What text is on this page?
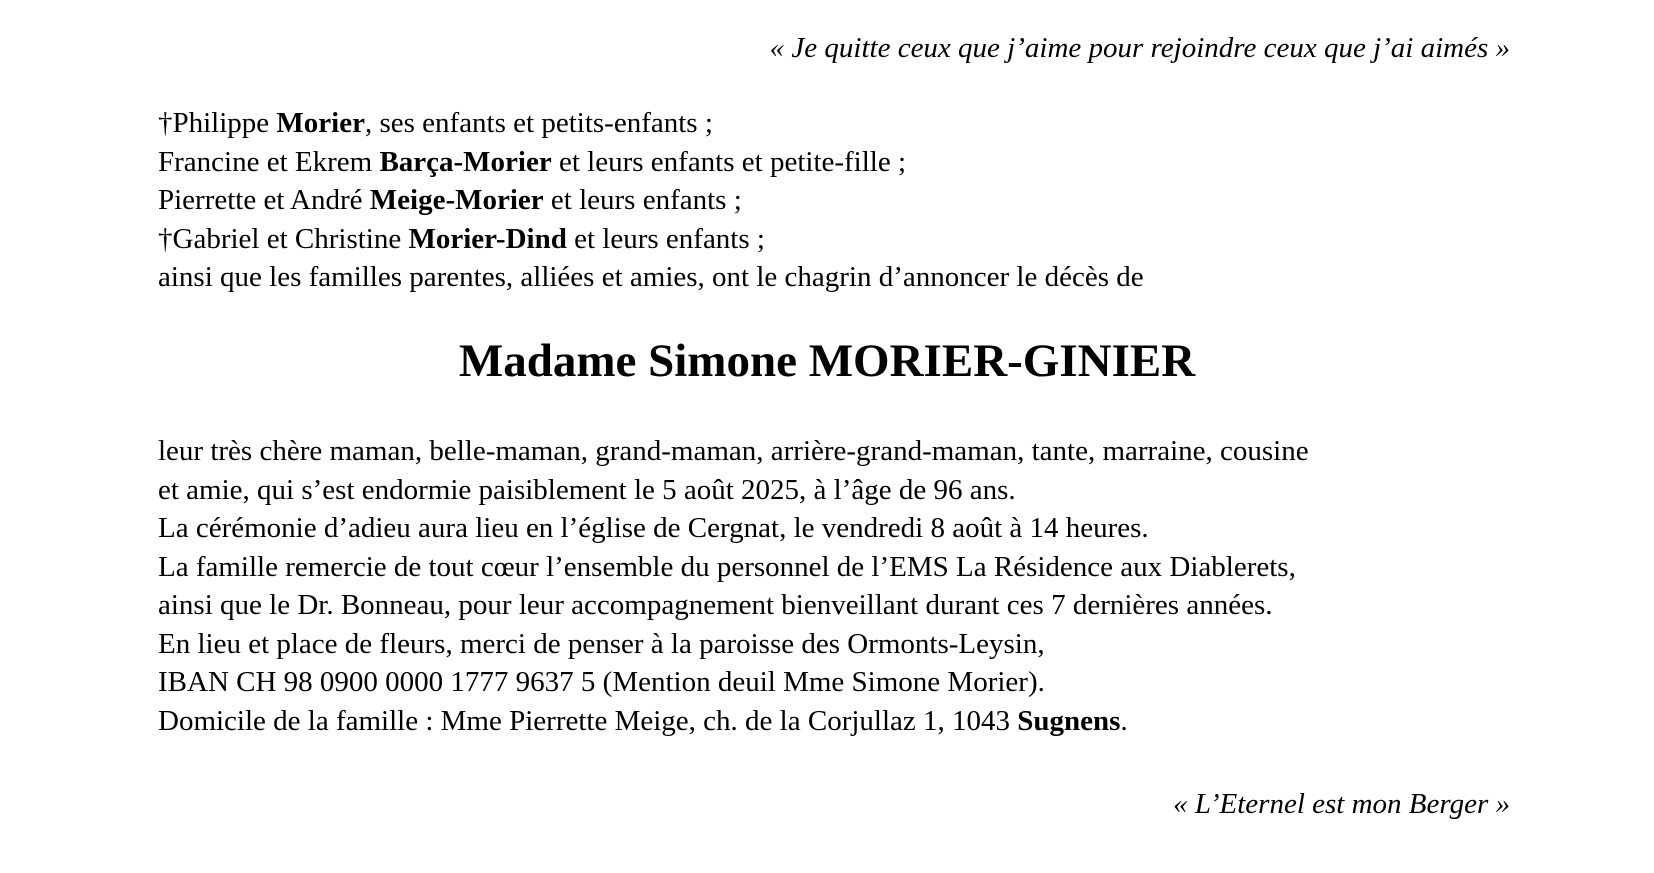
« Je quitte ceux que j’aime pour rejoindre ceux que j’ai aimés »
†Philippe Morier, ses enfants et petits-enfants ;
Francine et Ekrem Barça-Morier et leurs enfants et petite-fille ;
Pierrette et André Meige-Morier et leurs enfants ;
†Gabriel et Christine Morier-Dind et leurs enfants ;
ainsi que les familles parentes, alliées et amies, ont le chagrin d’annoncer le décès de
Madame Simone MORIER-GINIER
leur très chère maman, belle-maman, grand-maman, arrière-grand-maman, tante, marraine, cousine
et amie, qui s’est endormie paisiblement le 5 août 2025, à l’âge de 96 ans.
La cérémonie d’adieu aura lieu en l’église de Cergnat, le vendredi 8 août à 14 heures.
La famille remercie de tout cœur l’ensemble du personnel de l’EMS La Résidence aux Diablerets,
ainsi que le Dr. Bonneau, pour leur accompagnement bienveillant durant ces 7 dernières années.
En lieu et place de fleurs, merci de penser à la paroisse des Ormonts-Leysin,
IBAN CH 98 0900 0000 1777 9637 5 (Mention deuil Mme Simone Morier).
Domicile de la famille : Mme Pierrette Meige, ch. de la Corjullaz 1, 1043 Sugnens.
« L’Eternel est mon Berger »
